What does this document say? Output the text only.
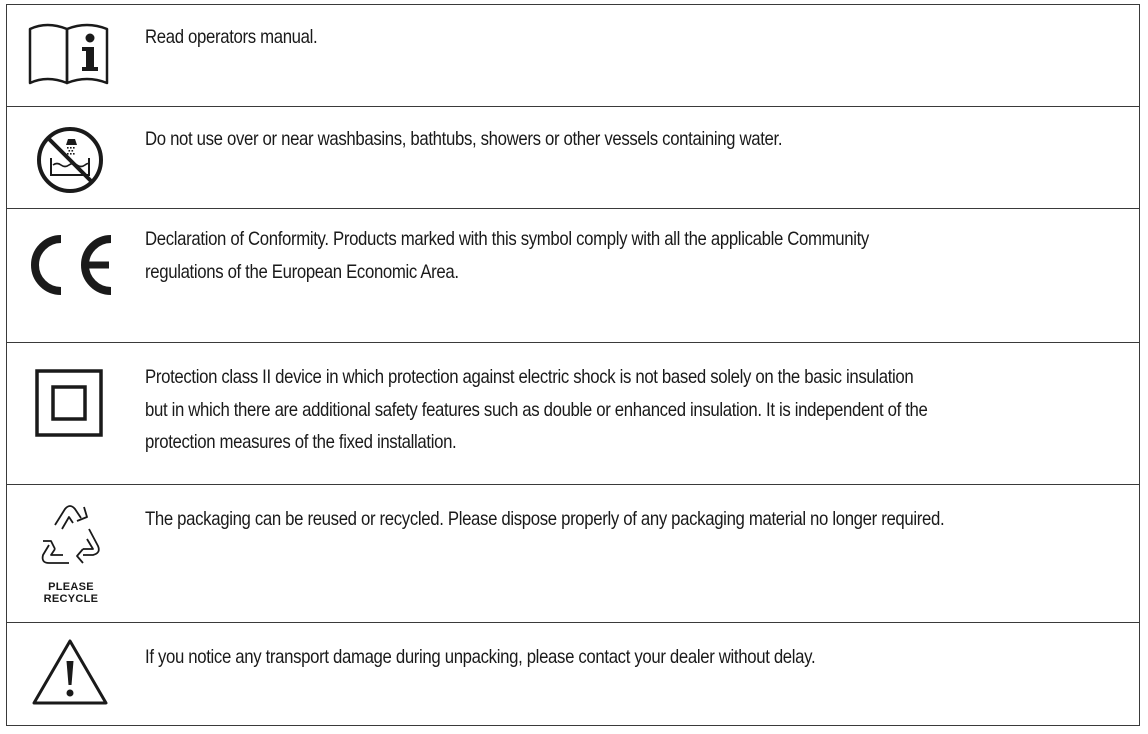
Read operators manual.
Do not use over or near washbasins, bathtubs, showers or other vessels containing water.
Declaration of Conformity. Products marked with this symbol comply with all the applicable Community
regulations of the European Economic Area.
Protection class II device in which protection against electric shock is not based solely on the basic insulation
but in which there are additional safety features such as double or enhanced insulation. It is independent of the
protection measures of the fixed installation.
PLEASE
RECYCLE
The packaging can be reused or recycled. Please dispose properly of any packaging material no longer required.
If you notice any transport damage during unpacking, please contact your dealer without delay.
